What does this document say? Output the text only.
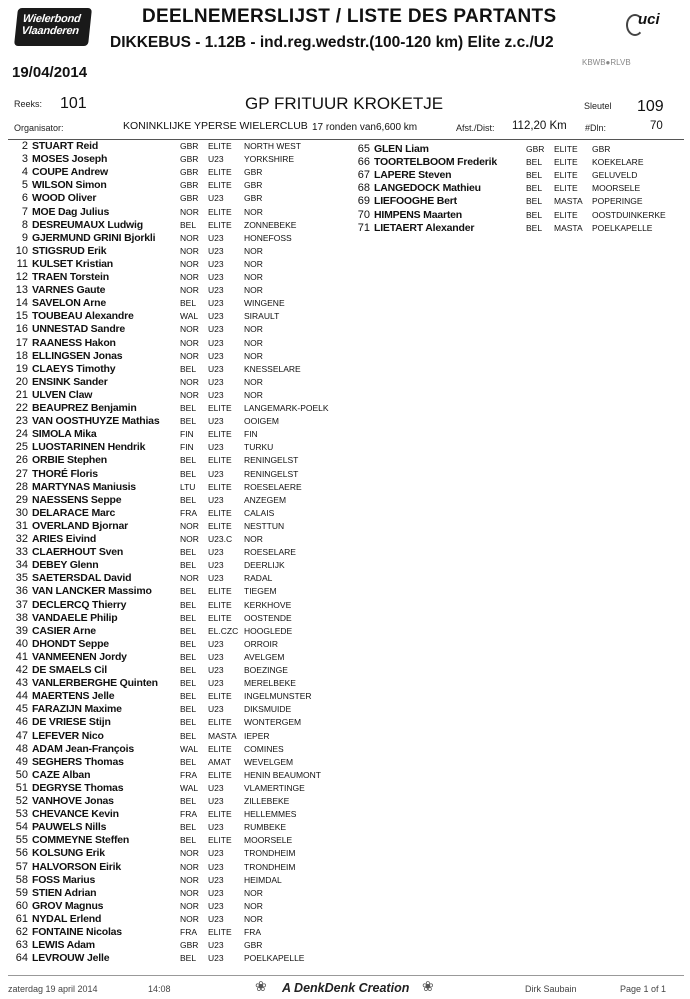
Wielerbond
Vlaanderen
DEELNEMERSLIJST / LISTE DES PARTANTS
DIKKEBUS - 1.12B - ind.reg.wedstr.(100-120 km) Elite z.c./U2
uci
19/04/2014
KBWB●RLVB
Reeks: 101	GP FRITUUR KROKETJE	Sleutel 109
Organisator:	KONINKLIJKE YPERSE WIELERCLUB 17 ronden van 6,600 km	Afst./Dist: 112,20 Km #Dln:	70
2 STUART Reid	GBR ELITE NORTH WEST
3 MOSES Joseph	GBR U23 YORKSHIRE
4 COUPE Andrew	GBR ELITE GBR
5 WILSON Simon	GBR ELITE GBR
6 WOOD Oliver	GBR U23 GBR
7 MOE Dag Julius	NOR ELITE NOR
8 DESREUMAUX Ludwig	BEL ELITE ZONNEBEKE
9 GJERMUND GRINI Bjorkli	NOR U23 HONEFOSS
10 STIGSRUD Erik	NOR U23 NOR
11 KULSET Kristian	NOR U23 NOR
12 TRAEN Torstein	NOR U23 NOR
13 VARNES Gaute	NOR U23 NOR
14 SAVELON Arne	BEL U23 WINGENE
15 TOUBEAU Alexandre	WAL U23 SIRAULT
16 UNNESTAD Sandre	NOR U23 NOR
17 RAANESS Hakon	NOR U23 NOR
18 ELLINGSEN Jonas	NOR U23 NOR
19 CLAEYS Timothy	BEL U23 KNESSELARE
20 ENSINK Sander	NOR U23 NOR
21 ULVEN Claw	NOR U23 NOR
22 BEAUPREZ Benjamin	BEL ELITE LANGEMARK-POELK
23 VAN OOSTHUYZE Mathias BEL U23 OOIGEM
24 SIMOLA Mika	FIN ELITE FIN
25 LUOSTARINEN Hendrik	FIN U23 TURKU
26 ORBIE Stephen	BEL ELITE RENINGELST
27 THORÉ Floris	BEL U23 RENINGELST
28 MARTYNAS Maniusis	LTU ELITE ROESELAERE
29 NAESSENS Seppe	BEL U23 ANZEGEM
30 DELARACE Marc	FRA ELITE CALAIS
31 OVERLAND Bjornar	NOR ELITE NESTTUN
32 ARIES Eivind	NOR U23.C NOR
33 CLAERHOUT Sven	BEL U23 ROESELARE
34 DEBEY Glenn	BEL U23 DEERLIJK
35 SAETERSDAL David	NOR U23 RADAL
36 VAN LANCKER Massimo	BEL ELITE TIEGEM
37 DECLERCQ Thierry	BEL ELITE KERKHOVE
38 VANDAELE Philip	BEL ELITE OOSTENDE
39 CASIER Arne	BEL EL.CZC HOOGLEDE
40 DHONDT Seppe	BEL U23 ORROIR
41 VANMEENEN Jordy	BEL U23 AVELGEM
42 DE SMAELS Cil	BEL U23 BOEZINGE
43 VANLERBERGHE Quinten	BEL U23 MERELBEKE
44 MAERTENS Jelle	BEL ELITE INGELMUNSTER
45 FARAZIJN Maxime	BEL U23 DIKSMUIDE
46 DE VRIESE Stijn	BEL ELITE WONTERGEM
47 LEFEVER Nico	BEL MASTA IEPER
48 ADAM Jean-François	WAL ELITE COMINES
49 SEGHERS Thomas	BEL AMAT WEVELGEM
50 CAZE Alban	FRA ELITE HENIN BEAUMONT
51 DEGRYSE Thomas	WAL U23 VLAMERTINGE
52 VANHOVE Jonas	BEL U23 ZILLEBEKE
53 CHEVANCE Kevin	FRA ELITE HELLEMMES
54 PAUWELS Nills	BEL U23 RUMBEKE
55 COMMEYNE Steffen	BEL ELITE MOORSELE
56 KOLSUNG Erik	NOR U23 TRONDHEIM
57 HALVORSON Eirik	NOR U23 TRONDHEIM
58 FOSS Marius	NOR U23 HEIMDAL
59 STIEN Adrian	NOR U23 NOR
60 GROV Magnus	NOR U23 NOR
61 NYDAL Erlend	NOR U23 NOR
62 FONTAINE Nicolas	FRA ELITE FRA
63 LEWIS Adam	GBR U23 GBR
64 LEVROUW Jelle	BEL U23 POELKAPELLE
65 GLEN Liam	GBR ELITE GBR
66 TOORTELBOOM Frederik	BEL ELITE KOEKELARE
67 LAPERE Steven	BEL ELITE GELUVELD
68 LANGEDOCK Mathieu	BEL ELITE MOORSELE
69 LIEFOOGHE Bert	BEL MASTA POPERINGE
70 HIMPENS Maarten	BEL ELITE OOSTDUINKERKE
71 LIETAERT Alexander	BEL MASTA POELKAPELLE
zaterdag 19 april 2014	14:08	❀	A DenkDenk Creation ❀	Dirk Saubain	Page 1 of 1
